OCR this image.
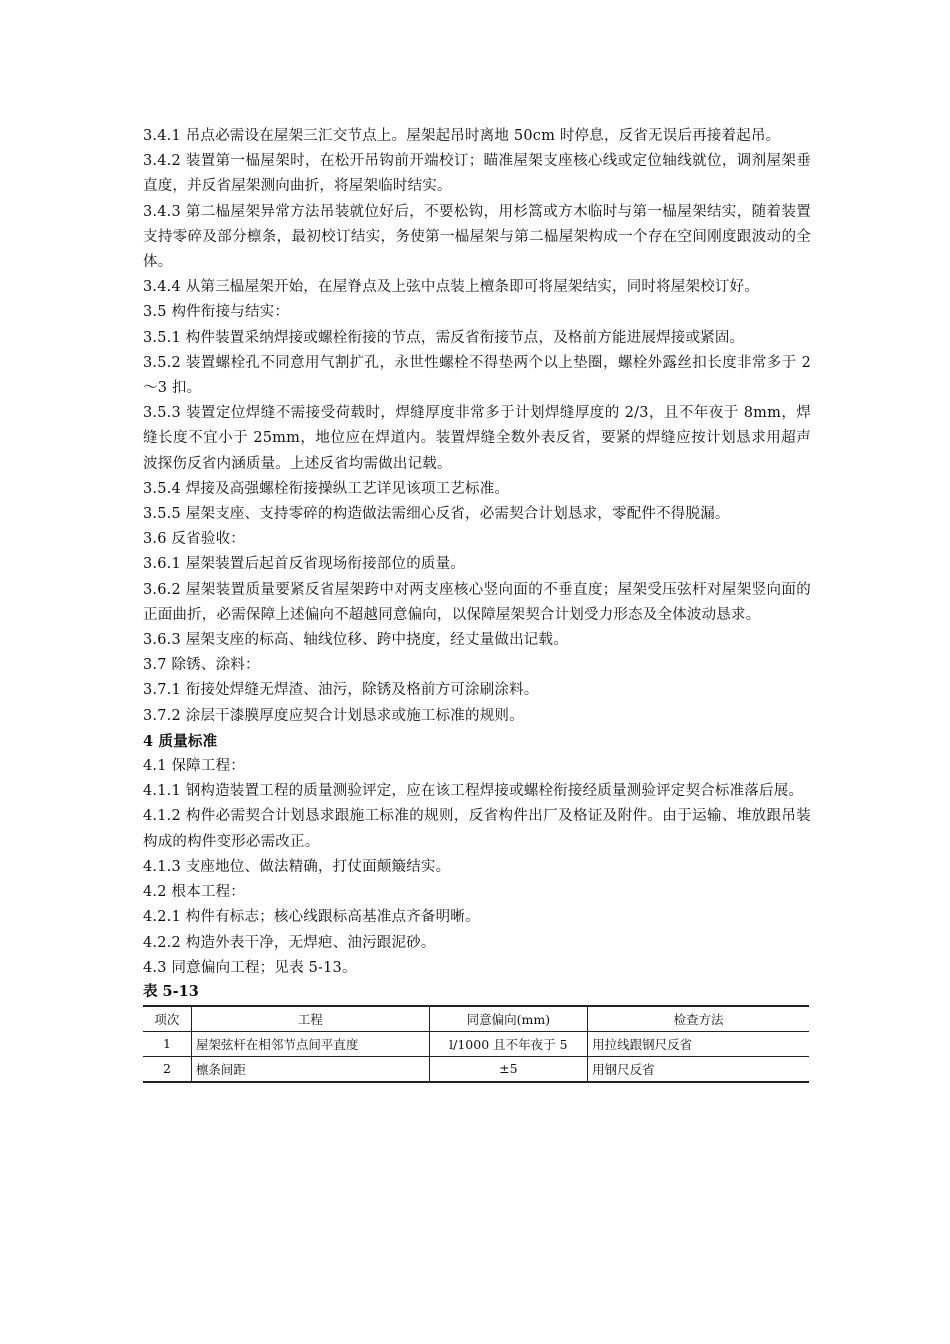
3.4.1 吊点必需设在屋架三汇交节点上。屋架起吊时离地 50cm 时停息，反省无误后再接着起吊。

3.4.2 装置第一榀屋架时，在松开吊钩前开端校订；瞄准屋架支座核心线或定位轴线就位，调剂屋架垂直度，并反省屋架测向曲折，将屋架临时结实。

3.4.3 第二榀屋架异常方法吊装就位好后，不要松钩，用杉篙或方木临时与第一榀屋架结实，随着装置支持零碎及部分檩条，最初校订结实，务使第一榀屋架与第二榀屋架构成一个存在空间刚度跟波动的全体。

3.4.4 从第三榀屋架开始，在屋脊点及上弦中点装上檀条即可将屋架结实，同时将屋架校订好。

3.5 构件衔接与结实：

3.5.1 构件装置采纳焊接或螺栓衔接的节点，需反省衔接节点，及格前方能进展焊接或紧固。

3.5.2 装置螺栓孔不同意用气割扩孔，永世性螺栓不得垫两个以上垫圈，螺栓外露丝扣长度非常多于 2～3 扣。

3.5.3 装置定位焊缝不需接受荷载时，焊缝厚度非常多于计划焊缝厚度的 2/3，且不年夜于 8mm，焊缝长度不宜小于 25mm，地位应在焊道内。装置焊缝全数外表反省，要紧的焊缝应按计划恳求用超声波探伤反省内涵质量。上述反省均需做出记载。

3.5.4 焊接及高强螺栓衔接操纵工艺详见该项工艺标准。

3.5.5 屋架支座、支持零碎的构造做法需细心反省，必需契合计划恳求，零配件不得脱漏。

3.6 反省验收：

3.6.1 屋架装置后起首反省现场衔接部位的质量。

3.6.2 屋架装置质量要紧反省屋架跨中对两支座核心竖向面的不垂直度；屋架受压弦杆对屋架竖向面的正面曲折，必需保障上述偏向不超越同意偏向，以保障屋架契合计划受力形态及全体波动恳求。

3.6.3 屋架支座的标高、轴线位移、跨中挠度，经丈量做出记载。

3.7 除锈、涂料：

3.7.1 衔接处焊缝无焊渣、油污，除锈及格前方可涂刷涂料。

3.7.2 涂层干漆膜厚度应契合计划恳求或施工标准的规则。

4 质量标准

4.1 保障工程：

4.1.1 钢构造装置工程的质量测验评定，应在该工程焊接或螺栓衔接经质量测验评定契合标准落后展。

4.1.2 构件必需契合计划恳求跟施工标准的规则，反省构件出厂及格证及附件。由于运输、堆放跟吊装构成的构件变形必需改正。

4.1.3 支座地位、做法精确，打仗面颠簸结实。

4.2 根本工程：

4.2.1 构件有标志；核心线跟标高基准点齐备明晰。

4.2.2 构造外表干净，无焊疤、油污跟泥砂。

4.3 同意偏向工程；见表 5-13。

表 5-13
项次	工程	同意偏向(mm)	检查方法
1	屋架弦杆在相邻节点间平直度	l/1000 且不年夜于 5	用拉线跟钢尺反省
2	檩条间距	±5	用钢尺反省
